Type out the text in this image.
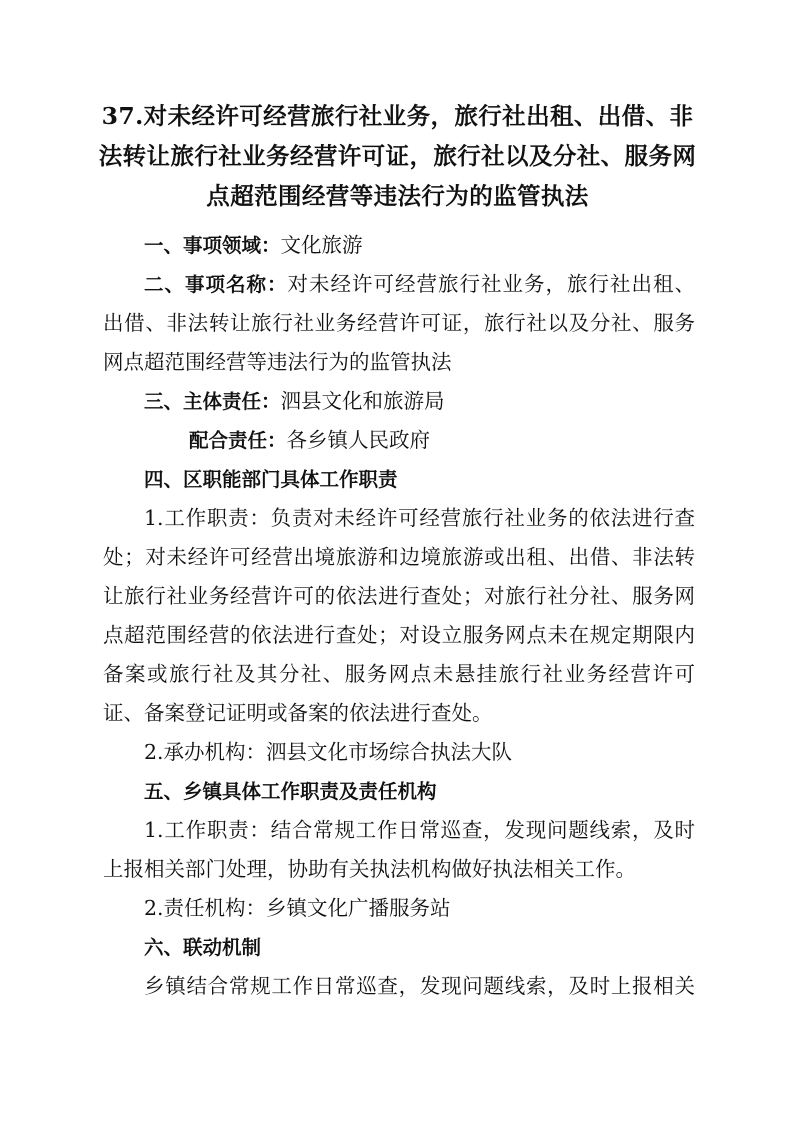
37.对未经许可经营旅行社业务，旅行社出租、出借、非
法转让旅行社业务经营许可证，旅行社以及分社、服务网
点超范围经营等违法行为的监管执法
一、事项领域：文化旅游
二、事项名称：对未经许可经营旅行社业务，旅行社出租、
出借、非法转让旅行社业务经营许可证，旅行社以及分社、服务
网点超范围经营等违法行为的监管执法
三、主体责任：泗县文化和旅游局
配合责任：各乡镇人民政府
四、区职能部门具体工作职责
1.工作职责：负责对未经许可经营旅行社业务的依法进行查
处；对未经许可经营出境旅游和边境旅游或出租、出借、非法转
让旅行社业务经营许可的依法进行查处；对旅行社分社、服务网
点超范围经营的依法进行查处；对设立服务网点未在规定期限内
备案或旅行社及其分社、服务网点未悬挂旅行社业务经营许可
证、备案登记证明或备案的依法进行查处。
2.承办机构：泗县文化市场综合执法大队
五、乡镇具体工作职责及责任机构
1.工作职责：结合常规工作日常巡查，发现问题线索，及时
上报相关部门处理，协助有关执法机构做好执法相关工作。
2.责任机构：乡镇文化广播服务站
六、联动机制
乡镇结合常规工作日常巡查，发现问题线索，及时上报相关
